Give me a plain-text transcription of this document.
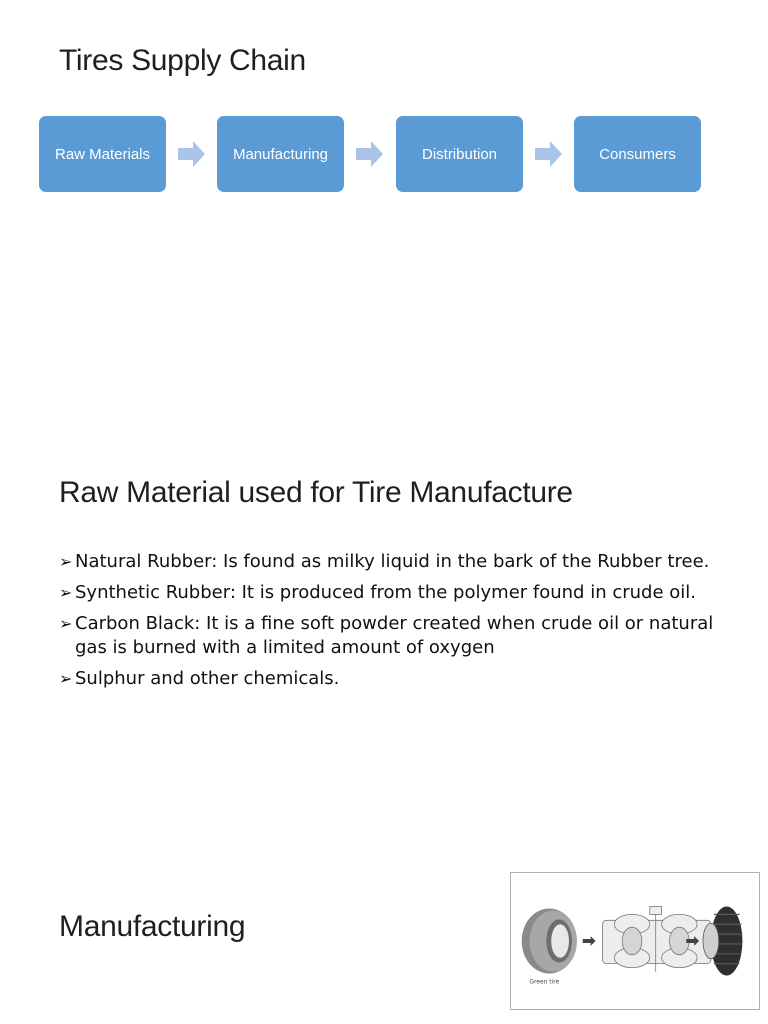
Tires Supply Chain
Raw Materials	Manufacturing	Distribution	Consumers
Raw Material used for Tire Manufacture
➢ Natural Rubber: Is found as milky liquid in the bark of the Rubber tree.
➢ Synthetic Rubber: It is produced from the polymer found in crude oil.
➢ Carbon Black: It is a fine soft powder created when crude oil or natural gas is burned with a limited amount of oxygen
➢ Sulphur and other chemicals.
Manufacturing
Green tire
